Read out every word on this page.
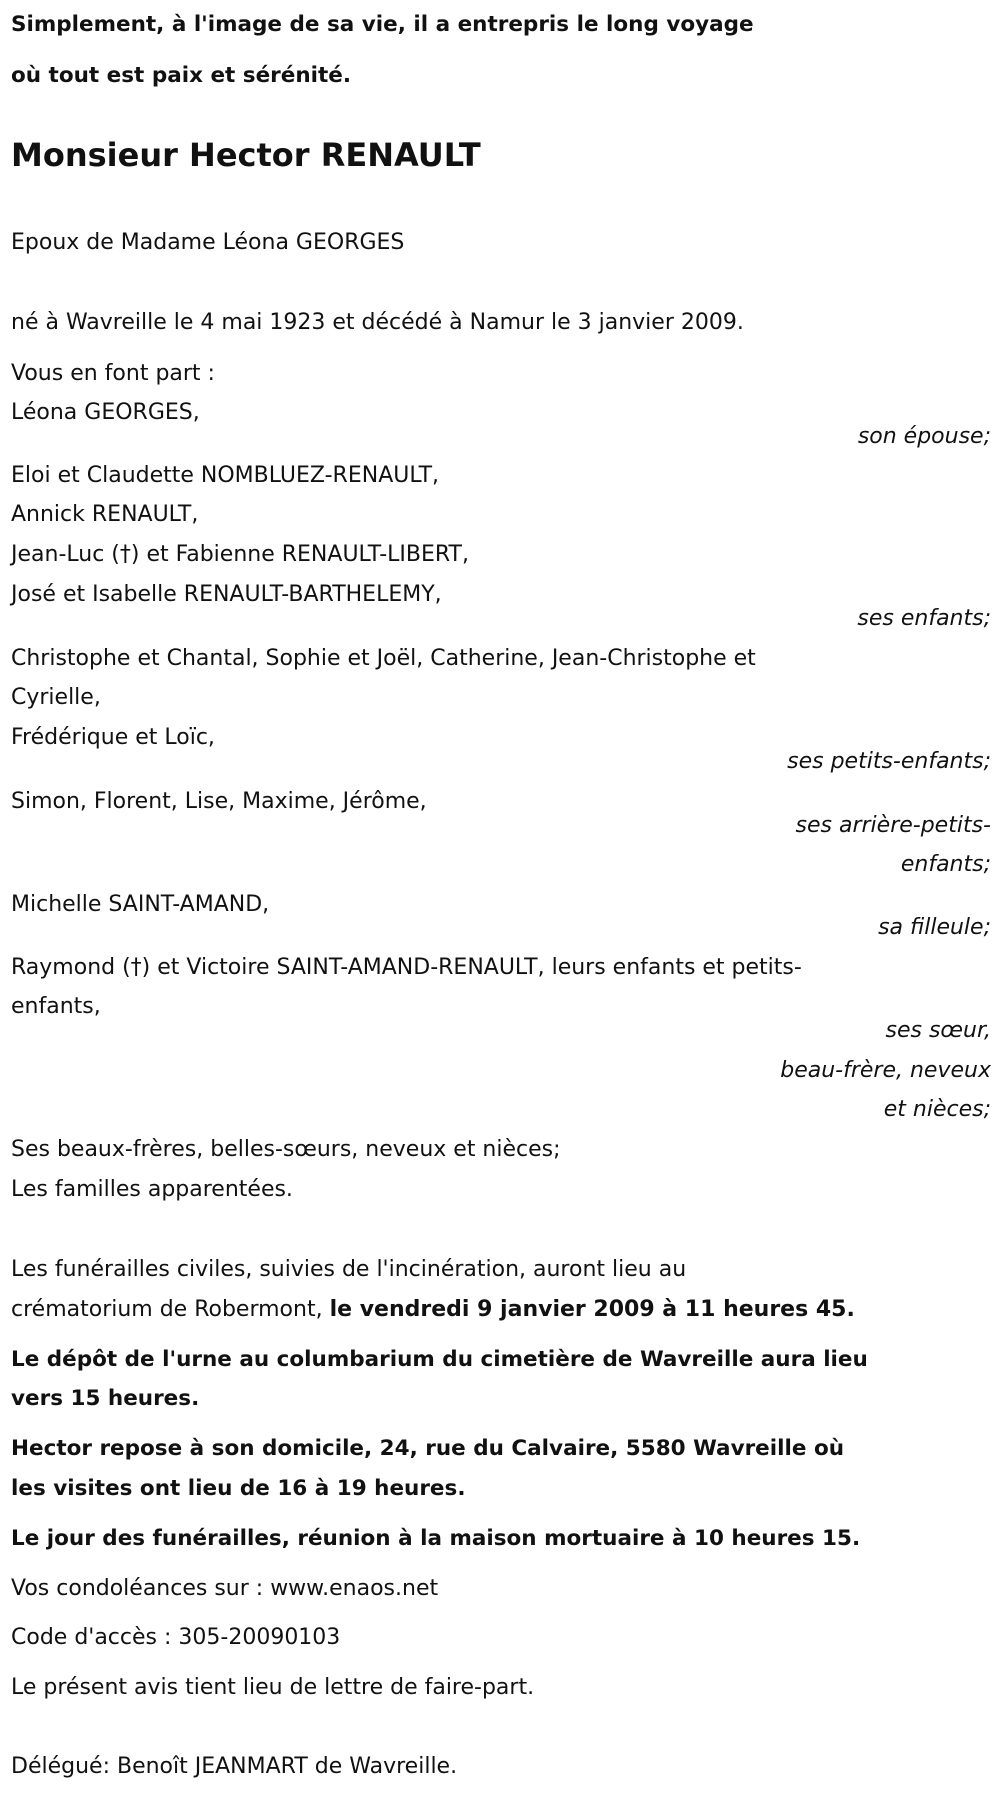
Simplement, à l'image de sa vie, il a entrepris le long voyage
où tout est paix et sérénité.
Monsieur Hector RENAULT
Epoux de Madame Léona GEORGES
né à Wavreille le 4 mai 1923 et décédé à Namur le 3 janvier 2009.
Vous en font part :
Léona GEORGES,
son épouse;
Eloi et Claudette NOMBLUEZ-RENAULT,
Annick RENAULT,
Jean-Luc (†) et Fabienne RENAULT-LIBERT,
José et Isabelle RENAULT-BARTHELEMY,
ses enfants;
Christophe et Chantal, Sophie et Joël, Catherine, Jean-Christophe et
Cyrielle,
Frédérique et Loïc,
ses petits-enfants;
Simon, Florent, Lise, Maxime, Jérôme,
ses arrière-petits-
enfants;
Michelle SAINT-AMAND,
sa filleule;
Raymond (†) et Victoire SAINT-AMAND-RENAULT, leurs enfants et petits-
enfants,
ses sœur,
beau-frère, neveux
et nièces;
Ses beaux-frères, belles-sœurs, neveux et nièces;
Les familles apparentées.
Les funérailles civiles, suivies de l'incinération, auront lieu au
crématorium de Robermont, le vendredi 9 janvier 2009 à 11 heures 45.
Le dépôt de l'urne au columbarium du cimetière de Wavreille aura lieu
vers 15 heures.
Hector repose à son domicile, 24, rue du Calvaire, 5580 Wavreille où
les visites ont lieu de 16 à 19 heures.
Le jour des funérailles, réunion à la maison mortuaire à 10 heures 15.
Vos condoléances sur : www.enaos.net
Code d'accès : 305-20090103
Le présent avis tient lieu de lettre de faire-part.
Délégué: Benoît JEANMART de Wavreille.
